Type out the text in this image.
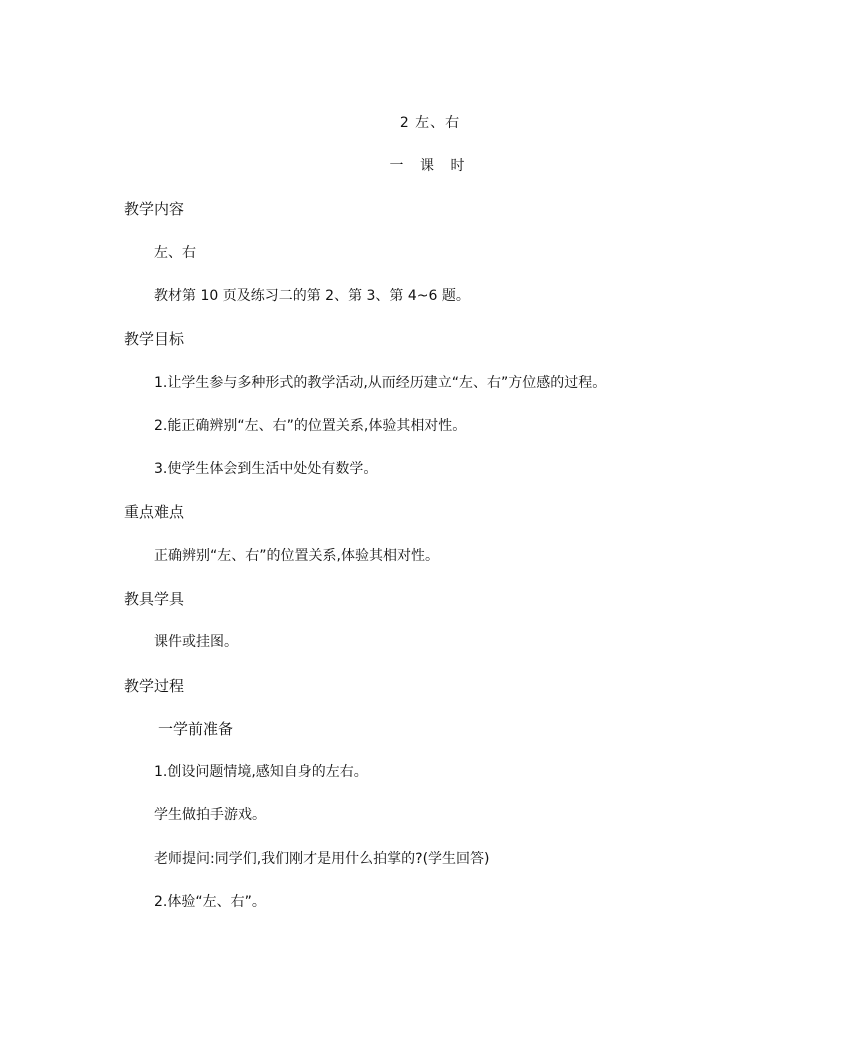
2 左、右
一 课 时
教学内容
左、右
教材第 10 页及练习二的第 2、第 3、第 4~6 题。
教学目标
1.让学生参与多种形式的教学活动,从而经历建立“左、右”方位感的过程。
2.能正确辨别“左、右”的位置关系,体验其相对性。
3.使学生体会到生活中处处有数学。
重点难点
正确辨别“左、右”的位置关系,体验其相对性。
教具学具
课件或挂图。
教学过程
一学前准备
1.创设问题情境,感知自身的左右。
学生做拍手游戏。
老师提问:同学们,我们刚才是用什么拍掌的?(学生回答)
2.体验“左、右”。
